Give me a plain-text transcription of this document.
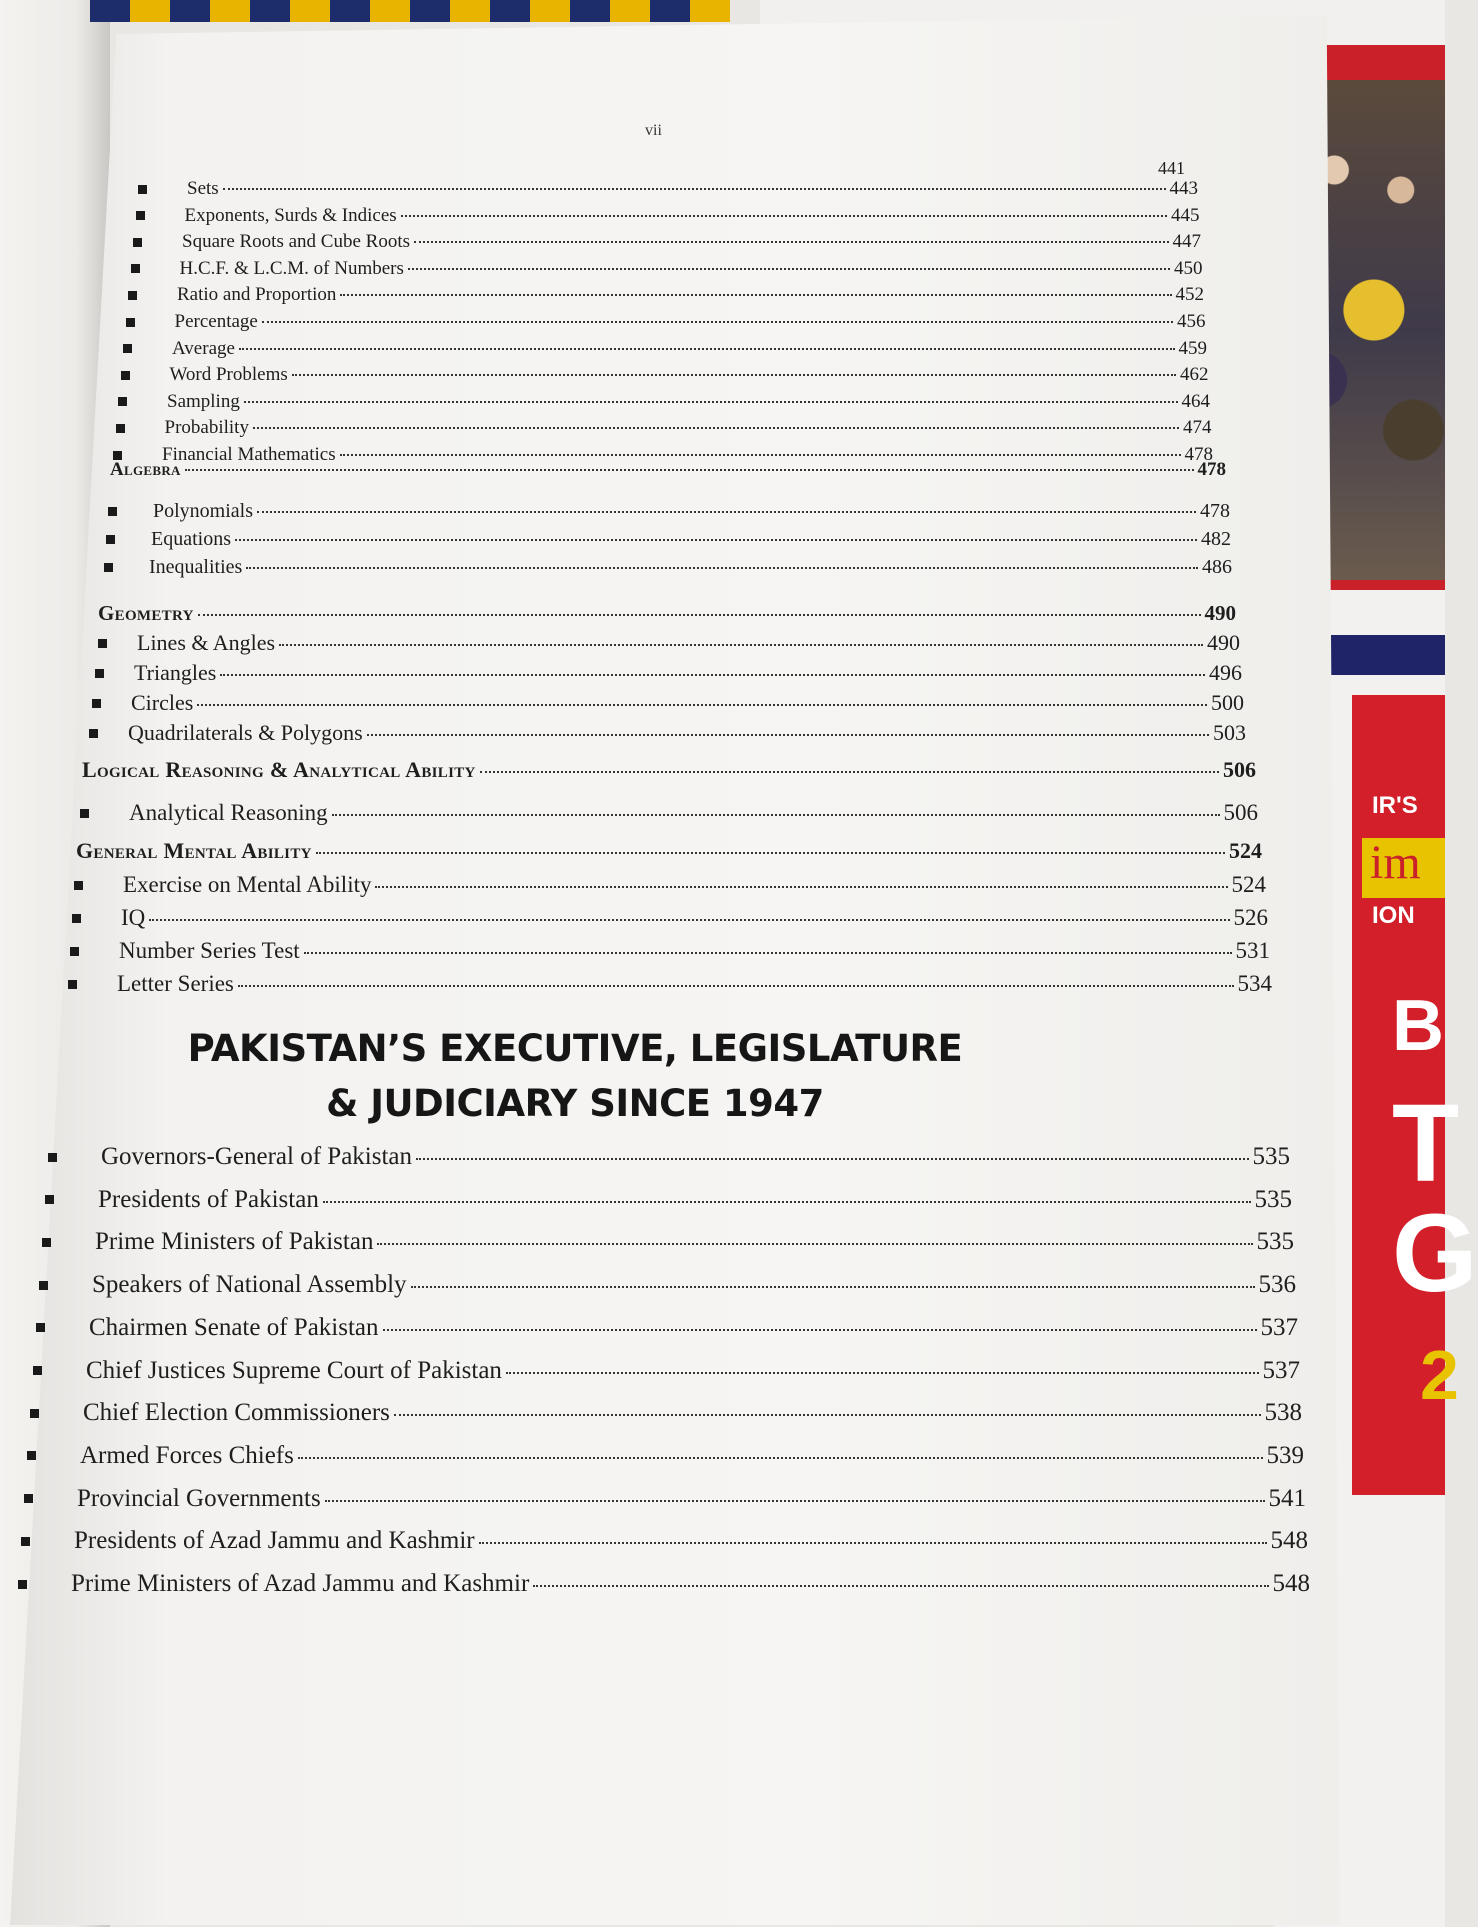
IR'S
im
ION
B
T
G
2
vii
441
Sets	443
Exponents, Surds & Indices	445
Square Roots and Cube Roots	447
H.C.F. & L.C.M. of Numbers	450
Ratio and Proportion	452
Percentage	456
Average	459
Word Problems	462
Sampling	464
Probability	474
Financial Mathematics	478
Algebra	478
Polynomials	478
Equations	482
Inequalities	486
Geometry	490
Lines & Angles	490
Triangles	496
Circles	500
Quadrilaterals & Polygons	503
Logical Reasoning & Analytical Ability	506
Analytical Reasoning	506
General Mental Ability	524
Exercise on Mental Ability	524
IQ	526
Number Series Test	531
Letter Series	534
Governors-General of Pakistan	535
Presidents of Pakistan	535
Prime Ministers of Pakistan	535
Speakers of National Assembly	536
Chairmen Senate of Pakistan	537
Chief Justices Supreme Court of Pakistan	537
Chief Election Commissioners	538
Armed Forces Chiefs	539
Provincial Governments	541
Presidents of Azad Jammu and Kashmir	548
Prime Ministers of Azad Jammu and Kashmir	548
PAKISTAN’S EXECUTIVE, LEGISLATURE
& JUDICIARY SINCE 1947
